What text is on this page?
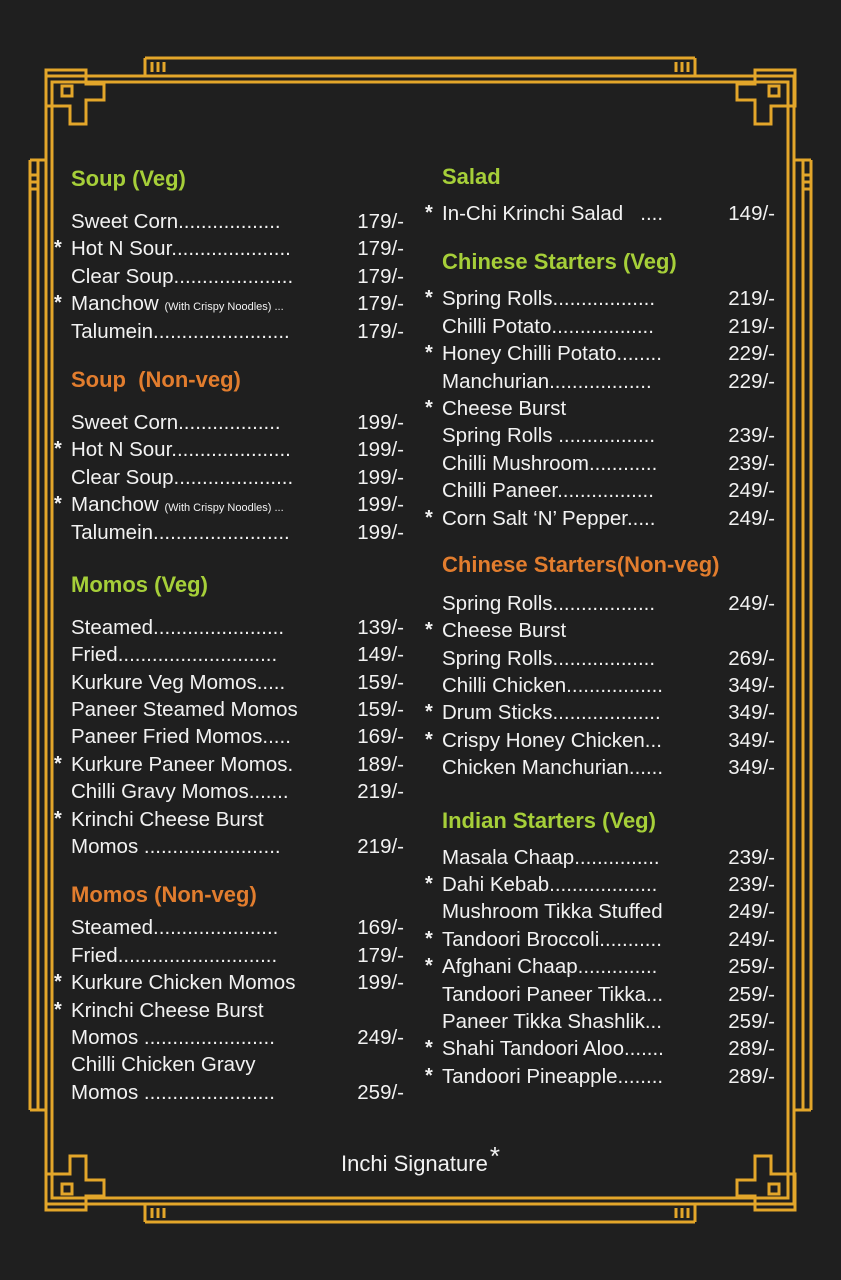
Soup (Veg)
Sweet Corn..................	179/-
* Hot N Sour.....................	179/-
Clear Soup.....................	179/-
* Manchow (With Crispy Noodles) ...	179/-
Talumein........................	179/-
Soup  (Non-veg)
Sweet Corn..................	199/-
* Hot N Sour.....................	199/-
Clear Soup.....................	199/-
* Manchow (With Crispy Noodles) ...	199/-
Talumein........................	199/-
Momos (Veg)
Steamed.......................	139/-
Fried............................	149/-
Kurkure Veg Momos.....	159/-
Paneer Steamed Momos	159/-
Paneer Fried Momos.....	169/-
* Kurkure Paneer Momos.	189/-
Chilli Gravy Momos.......	219/-
* Krinchi Cheese Burst
Momos ........................	219/-
Momos (Non-veg)
Steamed......................	169/-
Fried............................	179/-
* Kurkure Chicken Momos	199/-
* Krinchi Cheese Burst
Momos .......................	249/-
Chilli Chicken Gravy
Momos .......................	259/-
Salad
* In-Chi Krinchi Salad   ....	149/-
Chinese Starters (Veg)
* Spring Rolls..................	219/-
Chilli Potato..................	219/-
* Honey Chilli Potato........	229/-
Manchurian..................	229/-
* Cheese Burst
Spring Rolls .................	239/-
Chilli Mushroom............	239/-
Chilli Paneer.................	249/-
* Corn Salt ‘N’ Pepper.....	249/-
Chinese Starters(Non-veg)
Spring Rolls..................	249/-
* Cheese Burst
Spring Rolls..................	269/-
Chilli Chicken.................	349/-
* Drum Sticks...................	349/-
* Crispy Honey Chicken...	349/-
Chicken Manchurian......	349/-
Indian Starters (Veg)
Masala Chaap...............	239/-
* Dahi Kebab...................	239/-
Mushroom Tikka Stuffed	249/-
* Tandoori Broccoli...........	249/-
* Afghani Chaap..............	259/-
Tandoori Paneer Tikka...	259/-
Paneer Tikka Shashlik...	259/-
* Shahi Tandoori Aloo.......	289/-
* Tandoori Pineapple........	289/-
Inchi Signature*
